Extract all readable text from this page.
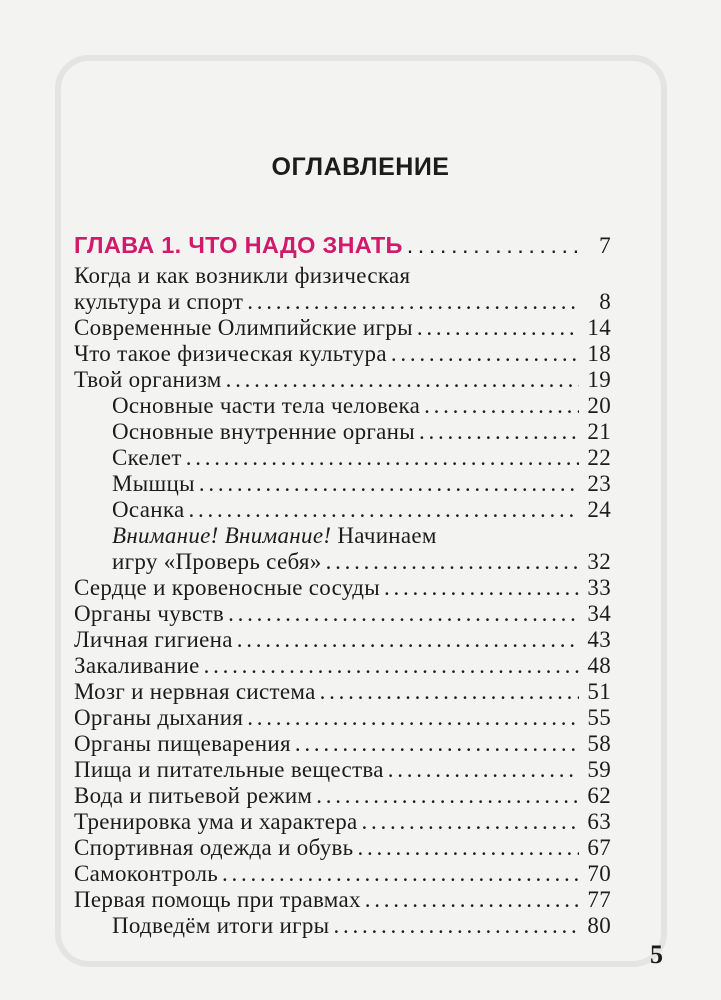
ОГЛАВЛЕНИЕ
ГЛАВА 1. ЧТО НАДО ЗНАТЬ . . .	7
Когда и как возникли физическая
культура и спорт . . .	8
Современные Олимпийские игры . . .	14
Что такое физическая культура . . .	18
Твой организм . . .	19
Основные части тела человека . . .	20
Основные внутренние органы . . .	21
Скелет . . .	22
Мышцы . . .	23
Осанка . . .	24
Внимание! Внимание! Начинаем
игру «Проверь себя» . . .	32
Сердце и кровеносные сосуды . . .	33
Органы чувств . . .	34
Личная гигиена . . .	43
Закаливание . . .	48
Мозг и нервная система . . .	51
Органы дыхания . . .	55
Органы пищеварения . . .	58
Пища и питательные вещества . . .	59
Вода и питьевой режим . . .	62
Тренировка ума и характера . . .	63
Спортивная одежда и обувь . . .	67
Самоконтроль . . .	70
Первая помощь при травмах . . .	77
Подведём итоги игры . . .	80
5
